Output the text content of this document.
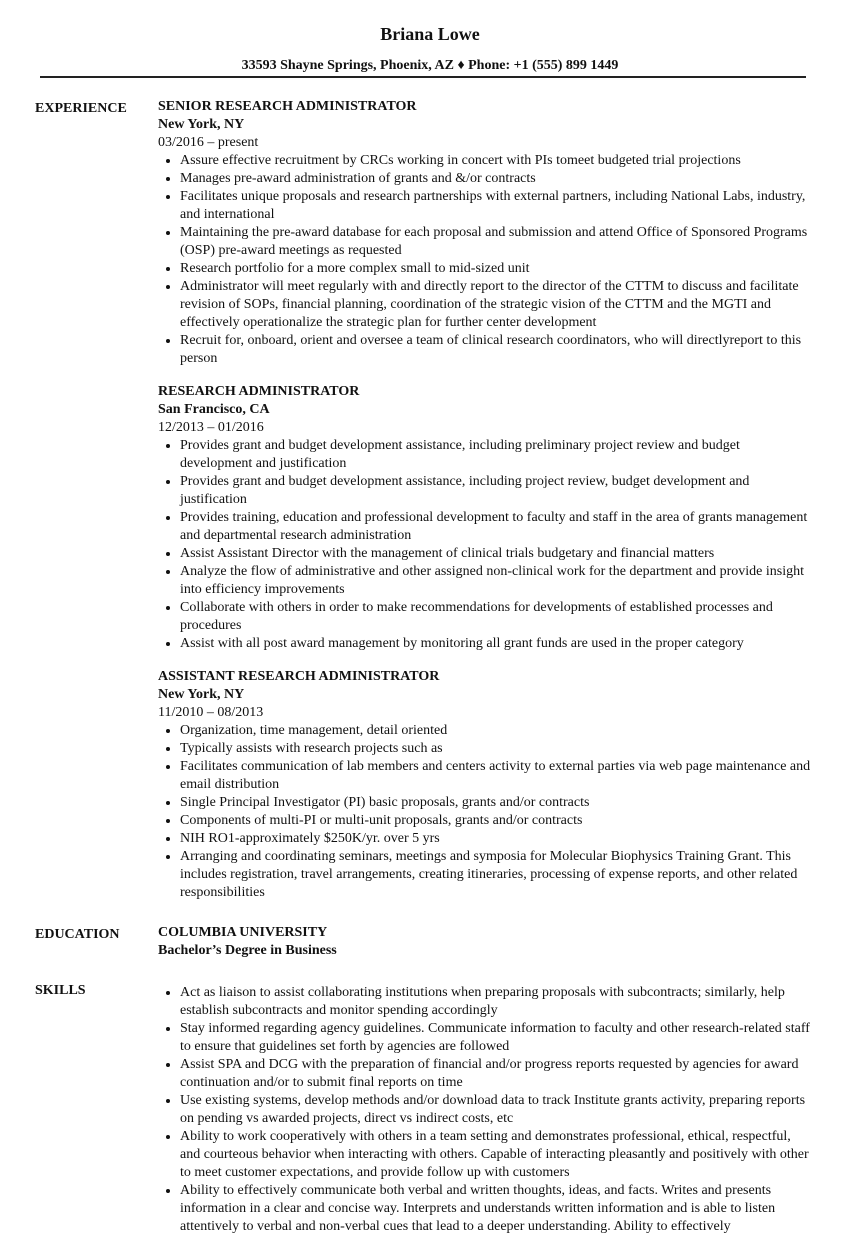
Briana Lowe
33593 Shayne Springs, Phoenix, AZ ♦ Phone: +1 (555) 899 1449
EXPERIENCE SENIOR RESEARCH ADMINISTRATOR
New York, NY
03/2016 – present
• Assure effective recruitment by CRCs working in concert with PIs tomeet budgeted trial projections
• Manages pre-award administration of grants and &/or contracts
• Facilitates unique proposals and research partnerships with external partners, including National Labs, industry, and international
• Maintaining the pre-award database for each proposal and submission and attend Office of Sponsored Programs (OSP) pre-award meetings as requested
• Research portfolio for a more complex small to mid-sized unit
• Administrator will meet regularly with and directly report to the director of the CTTM to discuss and facilitate revision of SOPs, financial planning, coordination of the strategic vision of the CTTM and the MGTI and effectively operationalize the strategic plan for further center development
• Recruit for, onboard, orient and oversee a team of clinical research coordinators, who will directlyreport to this person
RESEARCH ADMINISTRATOR
San Francisco, CA
12/2013 – 01/2016
• Provides grant and budget development assistance, including preliminary project review and budget development and justification
• Provides grant and budget development assistance, including project review, budget development and justification
• Provides training, education and professional development to faculty and staff in the area of grants management and departmental research administration
• Assist Assistant Director with the management of clinical trials budgetary and financial matters
• Analyze the flow of administrative and other assigned non-clinical work for the department and provide insight into efficiency improvements
• Collaborate with others in order to make recommendations for developments of established processes and procedures
• Assist with all post award management by monitoring all grant funds are used in the proper category
ASSISTANT RESEARCH ADMINISTRATOR
New York, NY
11/2010 – 08/2013
• Organization, time management, detail oriented
• Typically assists with research projects such as
• Facilitates communication of lab members and centers activity to external parties via web page maintenance and email distribution
• Single Principal Investigator (PI) basic proposals, grants and/or contracts
• Components of multi-PI or multi-unit proposals, grants and/or contracts
• NIH RO1-approximately $250K/yr. over 5 yrs
• Arranging and coordinating seminars, meetings and symposia for Molecular Biophysics Training Grant. This includes registration, travel arrangements, creating itineraries, processing of expense reports, and other related responsibilities
EDUCATION	COLUMBIA UNIVERSITY
Bachelor’s Degree in Business
SKILLS
•	Act as liaison to assist collaborating institutions when preparing proposals with subcontracts; similarly, help establish subcontracts and monitor spending accordingly
• Stay informed regarding agency guidelines. Communicate information to faculty and other research-related staff to ensure that guidelines set forth by agencies are followed
• Assist SPA and DCG with the preparation of financial and/or progress reports requested by agencies for award continuation and/or to submit final reports on time
• Use existing systems, develop methods and/or download data to track Institute grants activity, preparing reports on pending vs awarded projects, direct vs indirect costs, etc
• Ability to work cooperatively with others in a team setting and demonstrates professional, ethical, respectful, and courteous behavior when interacting with others. Capable of interacting pleasantly and positively with other to meet customer expectations, and provide follow up with customers
• Ability to effectively communicate both verbal and written thoughts, ideas, and facts. Writes and presents information in a clear and concise way. Interprets and understands written information and is able to listen attentively to verbal and non-verbal cues that lead to a deeper understanding. Ability to effectively
